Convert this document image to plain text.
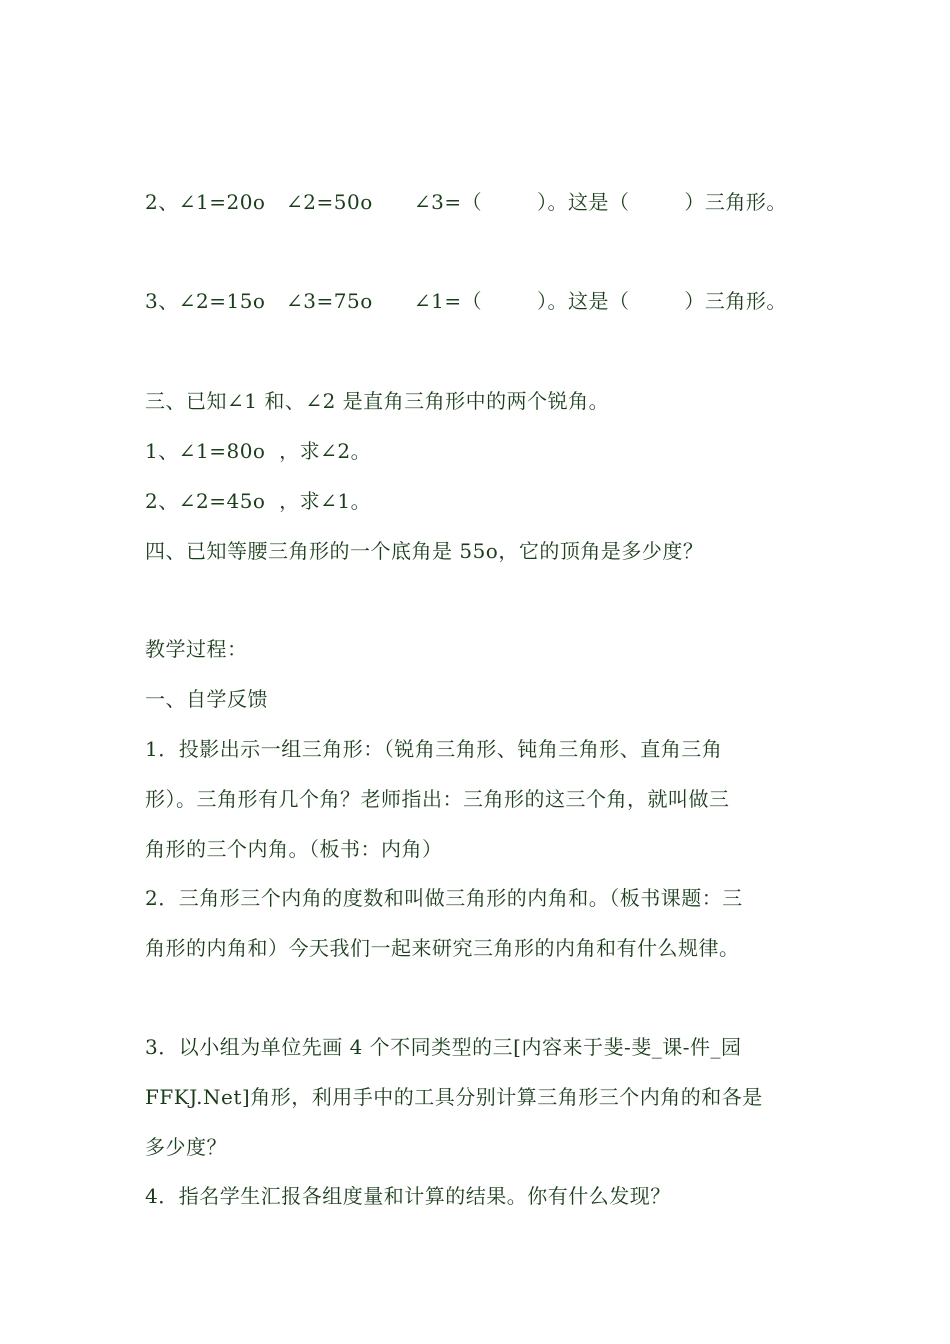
2、∠1=20o   ∠2=50o      ∠3=（        ）。这是（        ）三角形。
3、∠2=15o   ∠3=75o      ∠1=（        ）。这是（        ）三角形。
三、已知∠1 和、∠2 是直角三角形中的两个锐角。
1、∠1=80o  ，求∠2。
2、∠2=45o  ，求∠1。
四、已知等腰三角形的一个底角是 55o，它的顶角是多少度？
教学过程：
一、自学反馈
1．投影出示一组三角形：（锐角三角形、钝角三角形、直角三角
形）。三角形有几个角？老师指出：三角形的这三个角，就叫做三
角形的三个内角。（板书：内角）
2．三角形三个内角的度数和叫做三角形的内角和。（板书课题：三
角形的内角和）今天我们一起来研究三角形的内角和有什么规律。
3．以小组为单位先画 4 个不同类型的三[内容来于斐-斐_课-件_园
FFKJ.Net]角形，利用手中的工具分别计算三角形三个内角的和各是
多少度？
4．指名学生汇报各组度量和计算的结果。你有什么发现？
